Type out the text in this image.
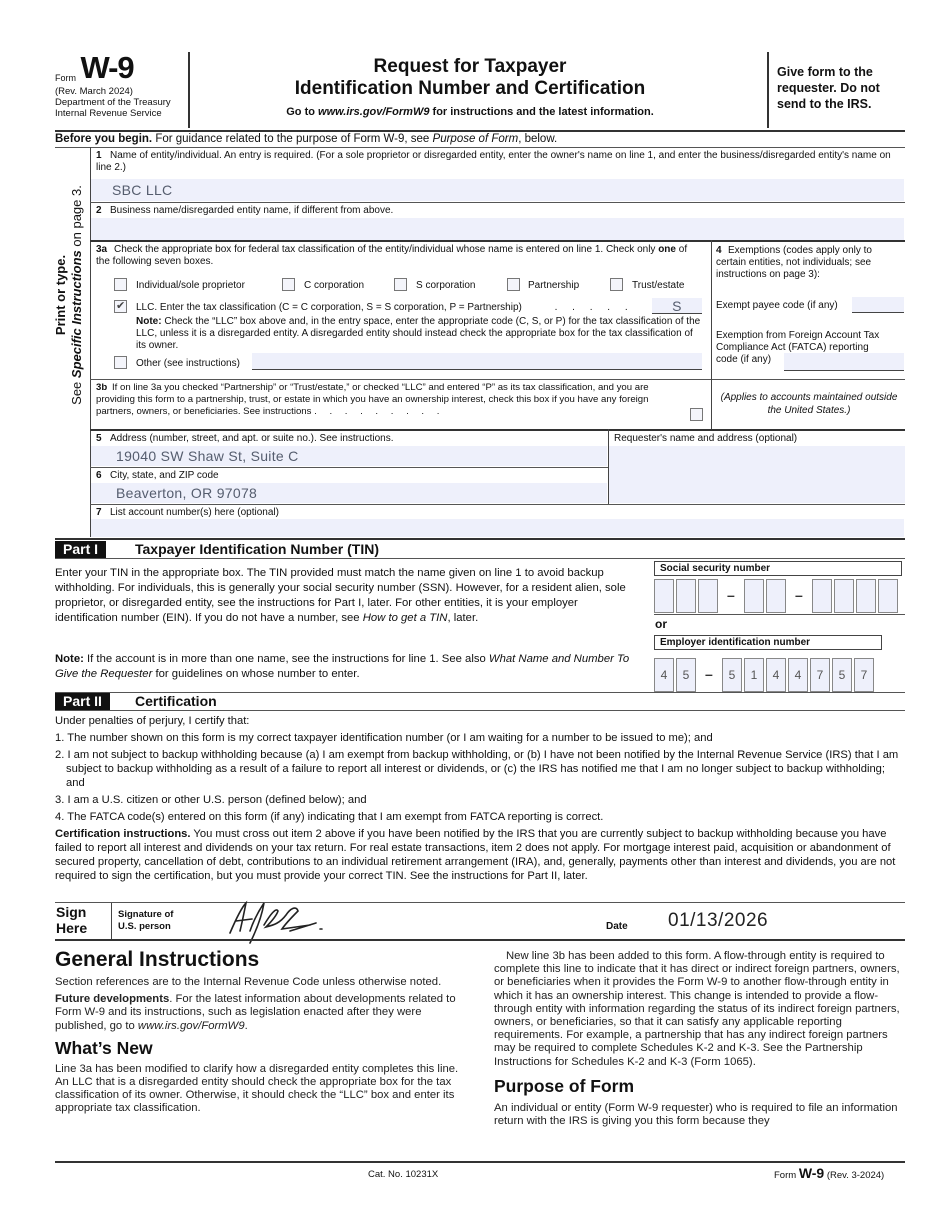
Form W-9
(Rev. March 2024)
Department of the Treasury
Internal Revenue Service
Request for Taxpayer
Identification Number and Certification
Go to www.irs.gov/FormW9 for instructions and the latest information.
Give form to the requester. Do not send to the IRS.
Before you begin. For guidance related to the purpose of Form W-9, see Purpose of Form, below.
Print or type.
See Specific Instructions on page 3.
1 Name of entity/individual. An entry is required. (For a sole proprietor or disregarded entity, enter the owner's name on line 1, and enter the business/disregarded entity's name on line 2.)
SBC LLC
2 Business name/disregarded entity name, if different from above.
3a Check the appropriate box for federal tax classification of the entity/individual whose name is entered on line 1. Check only one of the following seven boxes.
Individual/sole proprietor	C corporation	S corporation	Partnership	Trust/estate
✔
LLC. Enter the tax classification (C = C corporation, S = S corporation, P = Partnership)	. . . . .	S
Note: Check the “LLC” box above and, in the entry space, enter the appropriate code (C, S, or P) for the tax classification of the LLC, unless it is a disregarded entity. A disregarded entity should instead check the appropriate box for the tax classification of its owner.
Other (see instructions)
4 Exemptions (codes apply only to certain entities, not individuals; see instructions on page 3):
Exempt payee code (if any)
Exemption from Foreign Account Tax Compliance Act (FATCA) reporting
code (if any)
3b If on line 3a you checked “Partnership” or “Trust/estate,” or checked “LLC” and entered “P” as its tax classification, and you are providing this form to a partnership, trust, or estate in which you have an ownership interest, check this box if you have any foreign partners, owners, or beneficiaries. See instructions . . . . . . . . .
(Applies to accounts maintained outside the United States.)
5 Address (number, street, and apt. or suite no.). See instructions.
19040 SW Shaw St, Suite C
6 City, state, and ZIP code
Beaverton, OR 97078
Requester's name and address (optional)
7 List account number(s) here (optional)
Part I	Taxpayer Identification Number (TIN)
Enter your TIN in the appropriate box. The TIN provided must match the name given on line 1 to avoid backup withholding. For individuals, this is generally your social security number (SSN). However, for a resident alien, sole proprietor, or disregarded entity, see the instructions for Part I, later. For other entities, it is your employer identification number (EIN). If you do not have a number, see How to get a TIN, later.
Note: If the account is in more than one name, see the instructions for line 1. See also What Name and Number To Give the Requester for guidelines on whose number to enter.
Social security number
–	–
or
Employer identification number
4	5	–	5	1	4	4	7	5	7
Part II	Certification

Under penalties of perjury, I certify that:

1. The number shown on this form is my correct taxpayer identification number (or I am waiting for a number to be issued to me); and

2. I am not subject to backup withholding because (a) I am exempt from backup withholding, or (b) I have not been notified by the Internal Revenue Service (IRS) that I am subject to backup withholding as a result of a failure to report all interest or dividends, or (c) the IRS has notified me that I am no longer subject to backup withholding; and

3. I am a U.S. citizen or other U.S. person (defined below); and

4. The FATCA code(s) entered on this form (if any) indicating that I am exempt from FATCA reporting is correct.

Certification instructions. You must cross out item 2 above if you have been notified by the IRS that you are currently subject to backup withholding because you have failed to report all interest and dividends on your tax return. For real estate transactions, item 2 does not apply. For mortgage interest paid, acquisition or abandonment of secured property, cancellation of debt, contributions to an individual retirement arrangement (IRA), and, generally, payments other than interest and dividends, you are not required to sign the certification, but you must provide your correct TIN. See the instructions for Part II, later.

Sign
Here
Signature of
U.S. person	Date 01/13/2026
General Instructions

Section references are to the Internal Revenue Code unless otherwise noted.

Future developments. For the latest information about developments related to Form W-9 and its instructions, such as legislation enacted after they were published, go to www.irs.gov/FormW9.

What’s New

Line 3a has been modified to clarify how a disregarded entity completes this line. An LLC that is a disregarded entity should check the appropriate box for the tax classification of its owner. Otherwise, it should check the “LLC” box and enter its appropriate tax classification.

New line 3b has been added to this form. A flow-through entity is required to complete this line to indicate that it has direct or indirect foreign partners, owners, or beneficiaries when it provides the Form W-9 to another flow-through entity in which it has an ownership interest. This change is intended to provide a flow-through entity with information regarding the status of its indirect foreign partners, owners, or beneficiaries, so that it can satisfy any applicable reporting requirements. For example, a partnership that has any indirect foreign partners may be required to complete Schedules K-2 and K-3. See the Partnership Instructions for Schedules K-2 and K-3 (Form 1065).

Purpose of Form

An individual or entity (Form W-9 requester) who is required to file an information return with the IRS is giving you this form because they

Cat. No. 10231X	Form W-9 (Rev. 3-2024)
